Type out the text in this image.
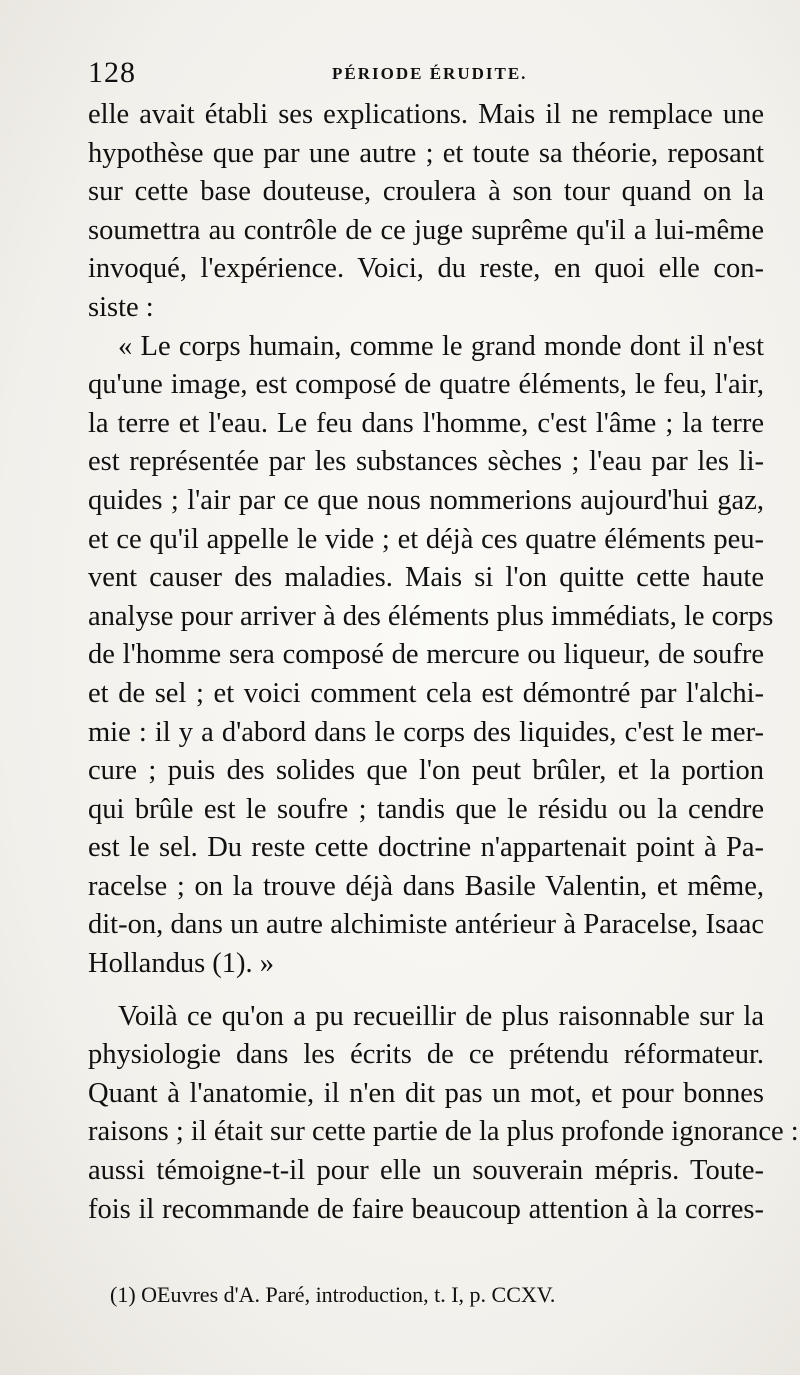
128	PÉRIODE ÉRUDITE.
elle avait établi ses explications. Mais il ne remplace une
hypothèse que par une autre ; et toute sa théorie, reposant
sur cette base douteuse, croulera à son tour quand on la
soumettra au contrôle de ce juge suprême qu'il a lui-même
invoqué, l'expérience. Voici, du reste, en quoi elle con-
siste :
« Le corps humain, comme le grand monde dont il n'est
qu'une image, est composé de quatre éléments, le feu, l'air,
la terre et l'eau. Le feu dans l'homme, c'est l'âme ; la terre
est représentée par les substances sèches ; l'eau par les li-
quides ; l'air par ce que nous nommerions aujourd'hui gaz,
et ce qu'il appelle le vide ; et déjà ces quatre éléments peu-
vent causer des maladies. Mais si l'on quitte cette haute
analyse pour arriver à des éléments plus immédiats, le corps
de l'homme sera composé de mercure ou liqueur, de soufre
et de sel ; et voici comment cela est démontré par l'alchi-
mie : il y a d'abord dans le corps des liquides, c'est le mer-
cure ; puis des solides que l'on peut brûler, et la portion
qui brûle est le soufre ; tandis que le résidu ou la cendre
est le sel. Du reste cette doctrine n'appartenait point à Pa-
racelse ; on la trouve déjà dans Basile Valentin, et même,
dit-on, dans un autre alchimiste antérieur à Paracelse, Isaac
Hollandus (1). »
Voilà ce qu'on a pu recueillir de plus raisonnable sur la
physiologie dans les écrits de ce prétendu réformateur.
Quant à l'anatomie, il n'en dit pas un mot, et pour bonnes
raisons ; il était sur cette partie de la plus profonde ignorance :
aussi témoigne-t-il pour elle un souverain mépris. Toute-
fois il recommande de faire beaucoup attention à la corres-
(1) OEuvres d'A. Paré, introduction, t. I, p. CCXV.
